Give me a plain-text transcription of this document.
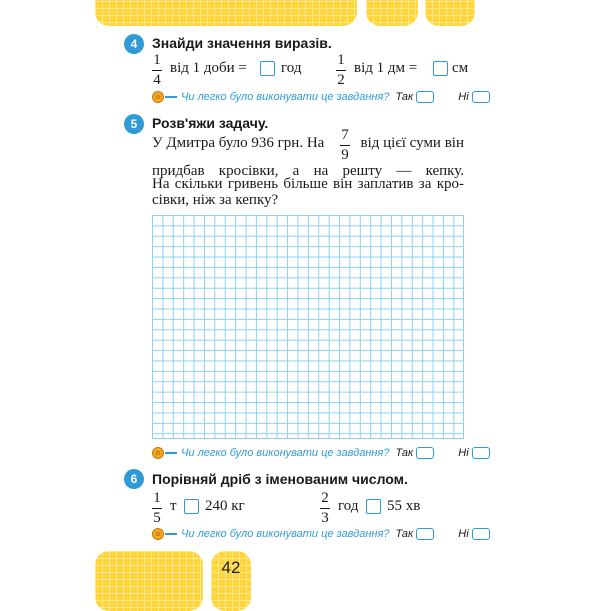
42
4	Знайди значення виразів.
1
4
від 1 доби = год 1
2
від 1 дм = см
☺ Чи легко було виконувати це завдання? Так	Ні
5	Розв'яжи задачу.
У Дмитра було 936 грн. На 7
9
від цієї суми він
придбав кросівки, а на решту — кепку.
На скільки гривень більше він заплатив за кро-
сівки, ніж за кепку?
☺ Чи легко було виконувати це завдання? Так	Ні
6	Порівняй дріб з іменованим числом.
1
5
т 240 кг	2
3
год 55 хв
☺ Чи легко було виконувати це завдання? Так	Ні
